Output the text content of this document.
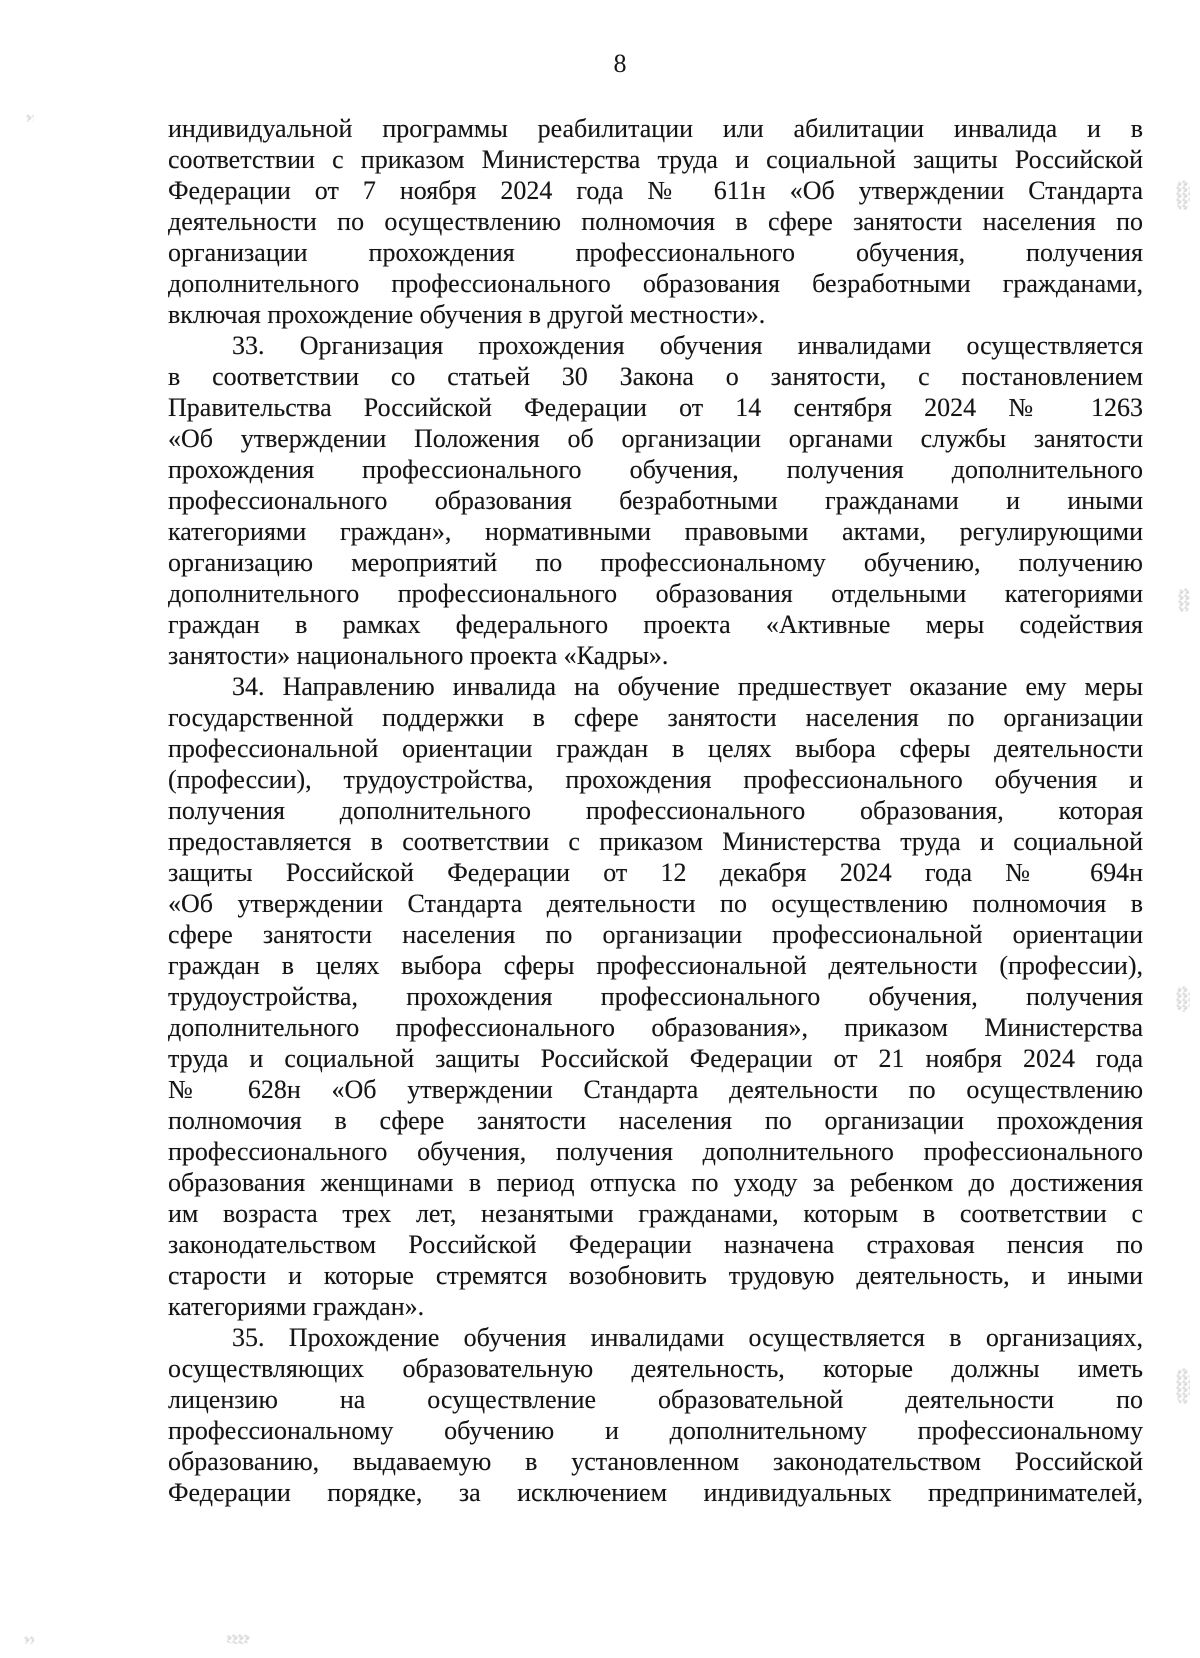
8
индивидуальной программы реабилитации или абилитации инвалида и в
соответствии с приказом Министерства труда и социальной защиты Российской
Федерации от 7 ноября 2024 года № 611н «Об утверждении Стандарта
деятельности по осуществлению полномочия в сфере занятости населения по
организации прохождения профессионального обучения, получения
дополнительного профессионального образования безработными гражданами,
включая прохождение обучения в другой местности».
33. Организация прохождения обучения инвалидами осуществляется
в соответствии со статьей 30 Закона о занятости, с постановлением
Правительства Российской Федерации от 14 сентября 2024 № 1263
«Об утверждении Положения об организации органами службы занятости
прохождения профессионального обучения, получения дополнительного
профессионального образования безработными гражданами и иными
категориями граждан», нормативными правовыми актами, регулирующими
организацию мероприятий по профессиональному обучению, получению
дополнительного профессионального образования отдельными категориями
граждан в рамках федерального проекта «Активные меры содействия
занятости» национального проекта «Кадры».
34. Направлению инвалида на обучение предшествует оказание ему меры
государственной поддержки в сфере занятости населения по организации
профессиональной ориентации граждан в целях выбора сферы деятельности
(профессии), трудоустройства, прохождения профессионального обучения и
получения дополнительного профессионального образования, которая
предоставляется в соответствии с приказом Министерства труда и социальной
защиты Российской Федерации от 12 декабря 2024 года № 694н
«Об утверждении Стандарта деятельности по осуществлению полномочия в
сфере занятости населения по организации профессиональной ориентации
граждан в целях выбора сферы профессиональной деятельности (профессии),
трудоустройства, прохождения профессионального обучения, получения
дополнительного профессионального образования», приказом Министерства
труда и социальной защиты Российской Федерации от 21 ноября 2024 года
№ 628н «Об утверждении Стандарта деятельности по осуществлению
полномочия в сфере занятости населения по организации прохождения
профессионального обучения, получения дополнительного профессионального
образования женщинами в период отпуска по уходу за ребенком до достижения
им возраста трех лет, незанятыми гражданами, которым в соответствии с
законодательством Российской Федерации назначена страховая пенсия по
старости и которые стремятся возобновить трудовую деятельность, и иными
категориями граждан».
35. Прохождение обучения инвалидами осуществляется в организациях,
осуществляющих образовательную деятельность, которые должны иметь
лицензию на осуществление образовательной деятельности по
профессиональному обучению и дополнительному профессиональному
образованию, выдаваемую в установленном законодательством Российской
Федерации порядке, за исключением индивидуальных предпринимателей,
